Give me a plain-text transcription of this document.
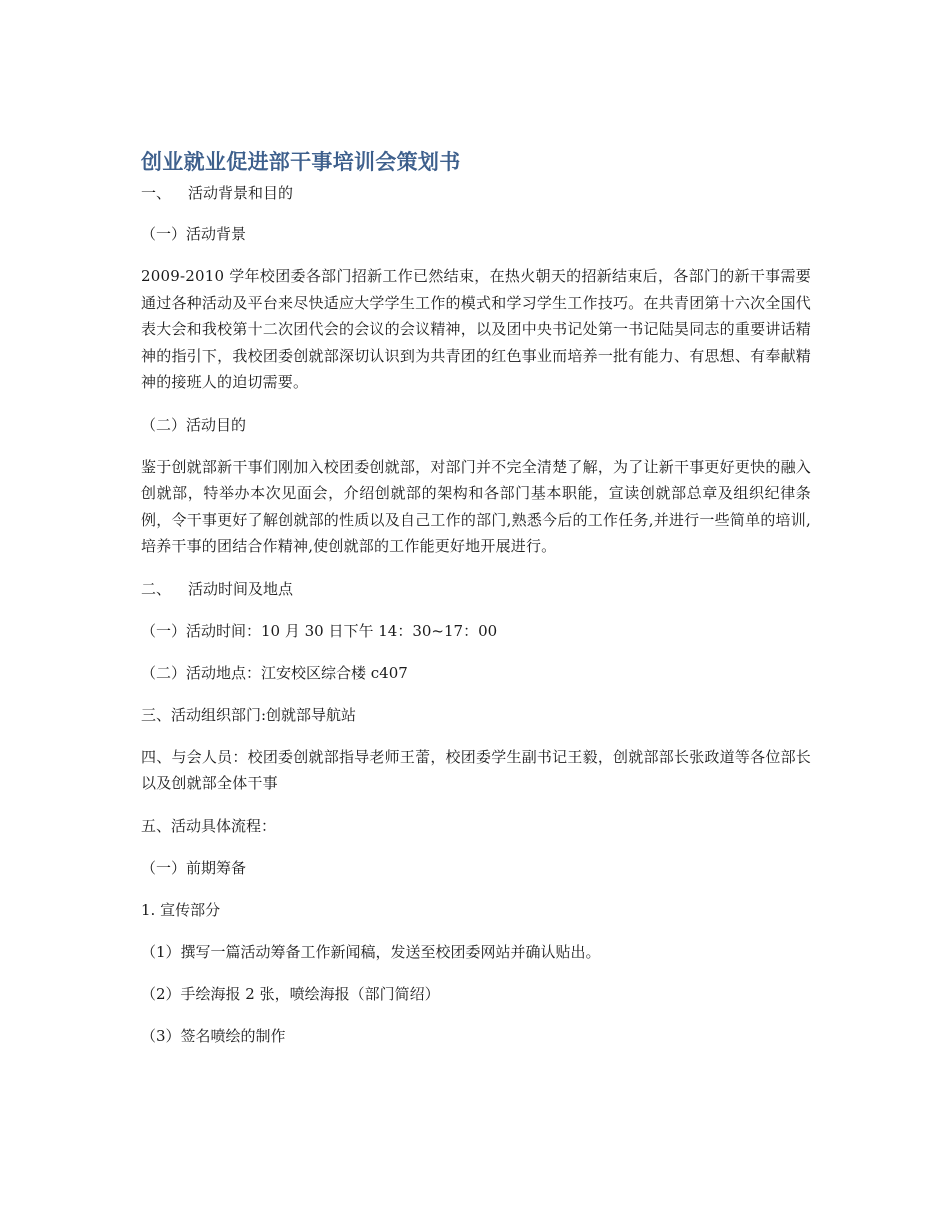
创业就业促进部干事培训会策划书
一、 活动背景和目的
（一）活动背景
2009-2010 学年校团委各部门招新工作已然结束，在热火朝天的招新结束后，各部门的新干事需要通过各种活动及平台来尽快适应大学学生工作的模式和学习学生工作技巧。在共青团第十六次全国代表大会和我校第十二次团代会的会议的会议精神，以及团中央书记处第一书记陆昊同志的重要讲话精神的指引下，我校团委创就部深切认识到为共青团的红色事业而培养一批有能力、有思想、有奉献精神的接班人的迫切需要。
（二）活动目的
鉴于创就部新干事们刚加入校团委创就部，对部门并不完全清楚了解，为了让新干事更好更快的融入创就部，特举办本次见面会，介绍创就部的架构和各部门基本职能，宣读创就部总章及组织纪律条例，令干事更好了解创就部的性质以及自己工作的部门,熟悉今后的工作任务,并进行一些简单的培训,培养干事的团结合作精神,使创就部的工作能更好地开展进行。
二、 活动时间及地点
（一）活动时间：10 月 30 日下午 14：30~17：00
（二）活动地点：江安校区综合楼 c407
三、活动组织部门:创就部导航站
四、与会人员：校团委创就部指导老师王蕾，校团委学生副书记王毅，创就部部长张政道等各位部长以及创就部全体干事
五、活动具体流程：
（一）前期筹备
1. 宣传部分
（1）撰写一篇活动筹备工作新闻稿，发送至校团委网站并确认贴出。
（2）手绘海报 2 张，喷绘海报（部门简绍）
（3）签名喷绘的制作
